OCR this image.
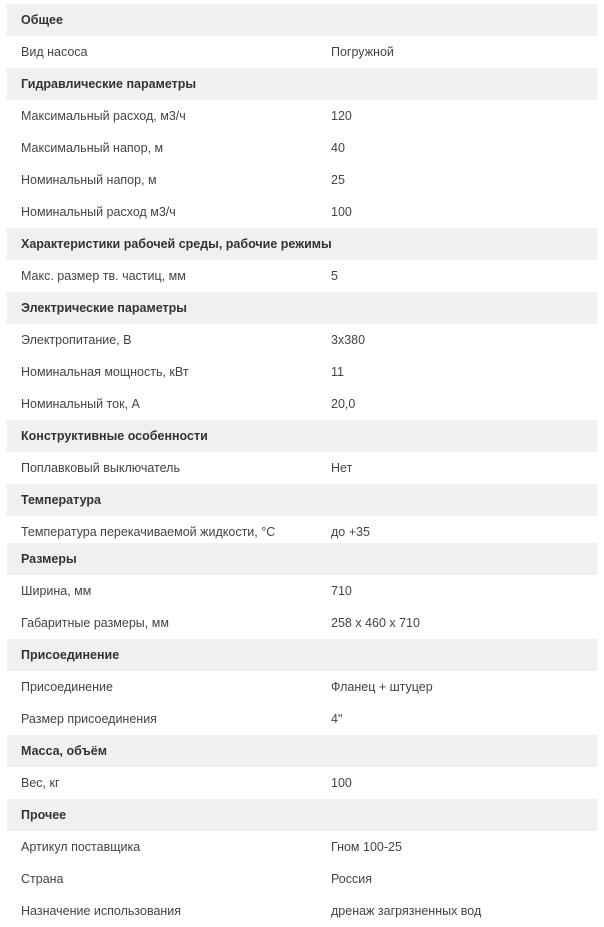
Общее
Вид насоса	Погружной
Гидравлические параметры
Максимальный расход, м3/ч	120
Максимальный напор, м	40
Номинальный напор, м	25
Номинальный расход м3/ч	100
Характеристики рабочей среды, рабочие режимы
Макс. размер тв. частиц, мм	5
Электрические параметры
Электропитание, В	3x380
Номинальная мощность, кВт	11
Номинальный ток, А	20,0
Конструктивные особенности
Поплавковый выключатель	Нет
Температура
Температура перекачиваемой жидкости, °С	до +35
Размеры
Ширина, мм	710
Габаритные размеры, мм	258 x 460 x 710
Присоединение
Присоединение	Фланец + штуцер
Размер присоединения	4"
Масса, объём
Вес, кг	100
Прочее
Артикул поставщика	Гном 100-25
Страна	Россия
Назначение использования	дренаж загрязненных вод
